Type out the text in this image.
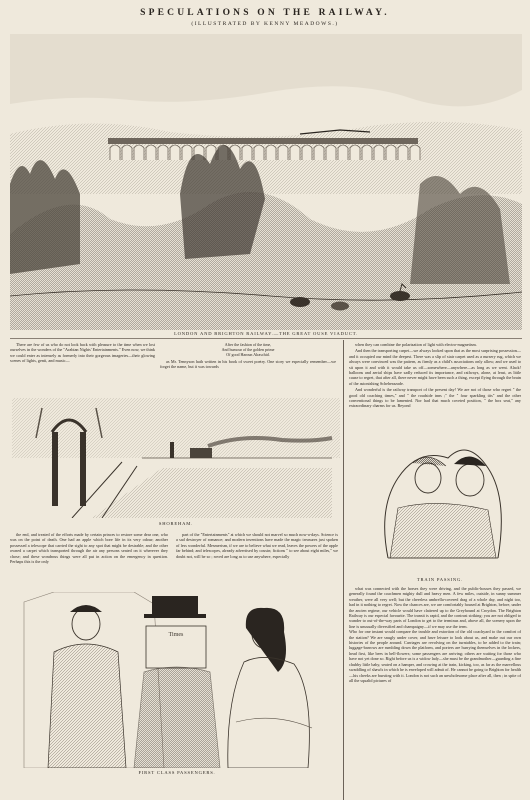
SPECULATIONS ON THE RAILWAY.
(ILLUSTRATED BY KENNY MEADOWS.)
LONDON AND BRIGHTON RAILWAY.—THE GREAT OUSE VIADUCT.

There are few of us who do not look back with pleasure to the time when we lost ourselves in the wonders of the "Arabian Nights' Entertainments." Even now, we think we could enter as intensely as formerly into their gorgeous imageries—their glowing scenes of lights, genii, and music—

After the fashion of the time,
And humour of the golden prime
Of good Haroun Alraschid.

as Mr. Tennyson hath written in his book of sweet poetry. One story we especially remember—we forget the name, but it was towards

SHOREHAM.

the end, and treated of the efforts made by certain princes to restore some dear one, who was on the point of death. One had an apple which bore life in its very odour; another possessed a telescope that carried the sight to any spot that might be desirable; and the other owned a carpet which transported through the air any persons seated on it wherever they chose; and these wondrous things were all put in action on the emergency in question. Perhaps this is the only

part of the "Entertainments" at which we should not marvel so much now-a-days. Science is a sad destroyer of romance; and modern inventions have made the magic treasures just spoken of less wonderful. Mesmerism, if we are to believe what we read, leaves the powers of the apple far behind; and telescopes, already advertised by cousin; fictions " to see about eight miles," we doubt not, will be so ; roved are long as to use anywhere, especially

when they can combine the polarization of light with electro-magnetism.

And then the transporting carpet—we always looked upon that as the most surprising possession—and it occupied our mind the deepest. There was a slip of stair carpet used as a nursery rug, which we always were convinced was the pattern, as firmly as a child's associations only allow; and we used to sit upon it and with it would take us off—somewhere—anywhere—as long as we went. Alack! balloons and aerial ships have sadly reduced its importance, and railways, alone, at least, as little cause to regret, that after all, there never might have been such a thing, except flying through the brain of the astonishing Scheherazade.

And wonderful is the railway transport of the present day! We are not of those who regret " the good old coaching times," and " the roadside inns ;" the " four sparkling tits" and the other conventional things to be lamented. Nor had that much coveted position, " the box seat," any extraordinary charms for us. Beyond

TRAIN PASSING.

what was connected with the horses they were driving, and the public-houses they passed, we generally found the coachmen mighty dull and heavy men. A few miles, outside, in sunny summer weather, were all very well; but the cheerless umbrella-covered drag of a whole day, and night too, had in it nothing to regret. Now the chances are, we are comfortably housed at Brighton, before, under the ancien regime, our vehicle would have clattered up to the Greyhound at Croydon. The Brighton Railway is our especial favourite. The transit is rapid, and the contrast striking: you are not obliged to wander to out-of-the-way parts of London to get to the terminus and, above all, the scenery upon the line is unusually diversified and champaigny—if we may use the term.
Who for one instant would compare the trouble and extortion of the old coachyard to the comfort of the station? We are snugly under cover, and have leisure to look about us, and make out our own histories of the people around. Carriages are revolving on the turntables, to be added to the train; luggage-barrows are rumbling down the platform, and porters are hurrying themselves in the lockers, head first, like bees in bell-flowers; some passengers are arriving; others are waiting for those who have not yet done so. Right before us is a widow lady—she must be the grandmother—guarding a fine chubby little baby, seated on a hamper, and crowing at the train, kicking, too, as far as the marvellous swaddling of shawls in which he is enveloped will admit of. He cannot be going to Brighton for health—his cheeks are bursting with it. London is not such an unwholesome place after all, then ; in spite of all the squalid pictures of

Times
FIRST CLASS PASSENGERS.
